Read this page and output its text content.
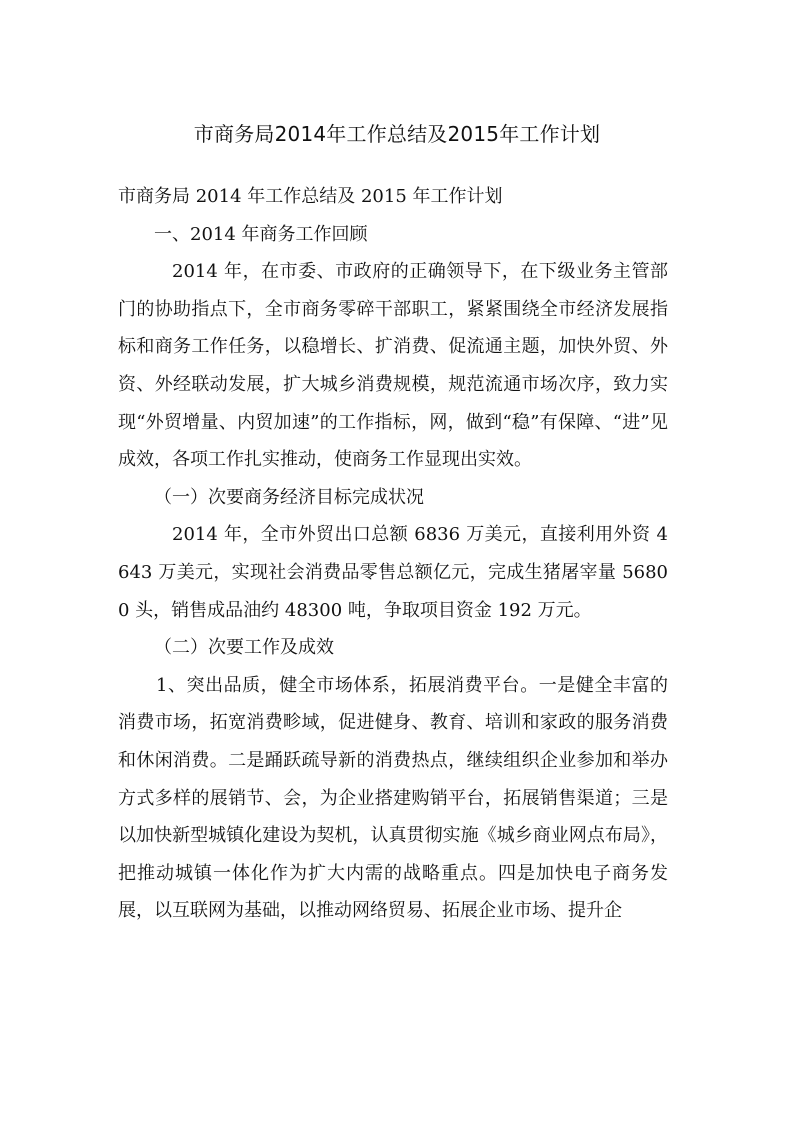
市商务局2014年工作总结及2015年工作计划

市商务局 2014 年工作总结及 2015 年工作计划

一、2014 年商务工作回顾

2014 年，在市委、市政府的正确领导下，在下级业务主管部门的协助指点下，全市商务零碎干部职工，紧紧围绕全市经济发展指标和商务工作任务，以稳增长、扩消费、促流通主题，加快外贸、外资、外经联动发展，扩大城乡消费规模，规范流通市场次序，致力实现“外贸增量、内贸加速”的工作指标，网，做到“稳”有保障、“进”见成效，各项工作扎实推动，使商务工作显现出实效。

（一）次要商务经济目标完成状况

2014 年，全市外贸出口总额 6836 万美元，直接利用外资 4643 万美元，实现社会消费品零售总额亿元，完成生猪屠宰量 56800 头，销售成品油约 48300 吨，争取项目资金 192 万元。

（二）次要工作及成效

1、突出品质，健全市场体系，拓展消费平台。一是健全丰富的消费市场，拓宽消费畛域，促进健身、教育、培训和家政的服务消费和休闲消费。二是踊跃疏导新的消费热点，继续组织企业参加和举办方式多样的展销节、会，为企业搭建购销平台，拓展销售渠道；三是以加快新型城镇化建设为契机，认真贯彻实施《城乡商业网点布局》，把推动城镇一体化作为扩大内需的战略重点。四是加快电子商务发展，以互联网为基础，以推动网络贸易、拓展企业市场、提升企
